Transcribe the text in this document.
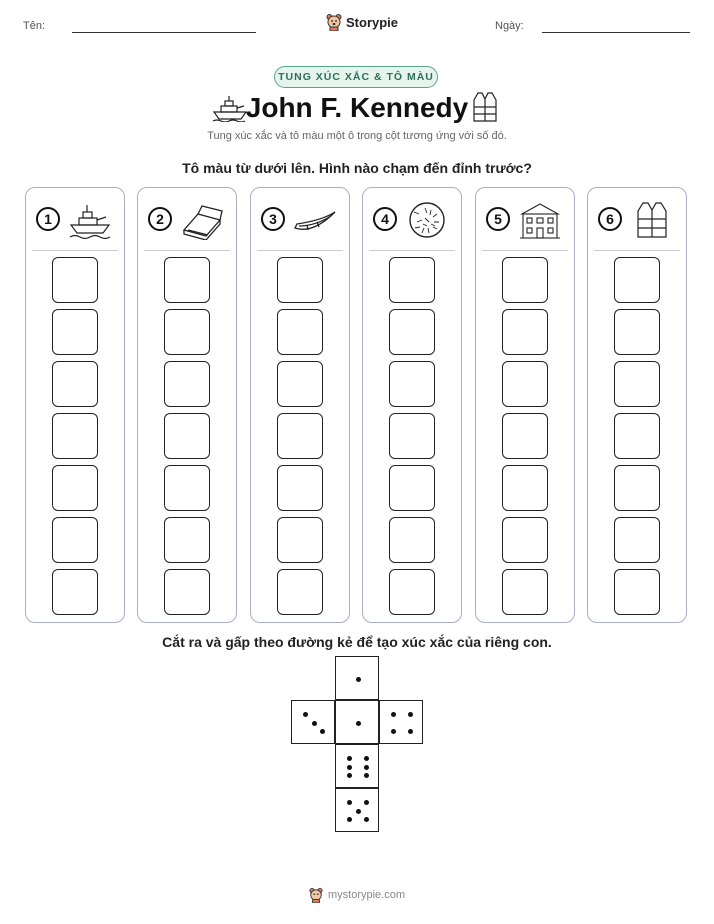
Tên:	Storypie	Ngày:
TUNG XÚC XẮC & TÔ MÀU
John F. Kennedy
Tung xúc xắc và tô màu một ô trong cột tương ứng với số đó.
Tô màu từ dưới lên. Hình nào chạm đến đỉnh trước?
1	2	3	4	5	6
Cắt ra và gấp theo đường kẻ để tạo xúc xắc của riêng con.
mystorypie.com
